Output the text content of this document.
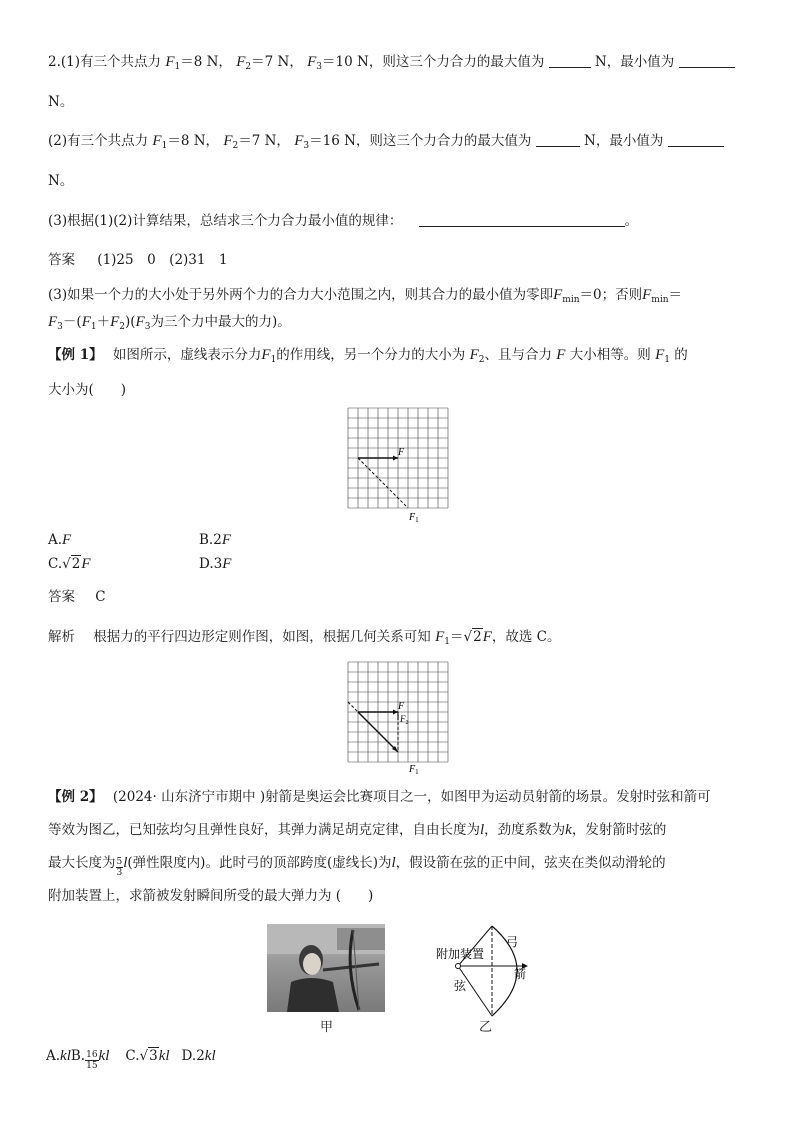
2.(1)有三个共点力 $F_1=8$ N， $F_2=7$ N， $F_3=10$ N，则这三个力合力的最大值为	N，最小值为
N。
(2)有三个共点力 $F_1=8$ N， $F_2=7$ N， $F_3=16$ N，则这三个力合力的最大值为	N，最小值为
N。
(3)根据(1)(2)计算结果，总结求三个力合力最小值的规律：	。
答案 (1)25　0　(2)31　1
(3)如果一个力的大小处于另外两个力的合力大小范围之内，则其合力的最小值为零即$F_{min}=0$；否则$F_{min}=$
$F_3-(F_1+F_2)(F_3$为三个力中最大的力)。
【例 1】 如图所示，虚线表示分力$F_1$的作用线，另一个分力的大小为 $F_2$、且与合力 F 大小相等。则 $F_1$ 的
大小为(　　)
F
$F_1$
A.F	B.2F
C.√2F	D.3F
答案 C
解析 根据力的平行四边形定则作图，如图，根据几何关系可知 $F_1=√2F$，故选 C。
F
$F_2$
$F_1$
【例 2】 (2024· 山东济宁市期中 )射箭是奥运会比赛项目之一，如图甲为运动员射箭的场景。发射时弦和箭可
等效为图乙，已知弦均匀且弹性良好，其弹力满足胡克定律，自由长度为l，劲度系数为k，发射箭时弦的
最大长度为 $\frac{5}{3} l$(弹性限度内)。此时弓的顶部跨度(虚线长)为l，假设箭在弦的正中间，弦夹在类似动滑轮的
附加装置上，求箭被发射瞬间所受的最大弹力为 (　　)
甲
附加装置
弓
箭
弦
乙
A.klB. $\frac{16}{15}$ kl C.√3kl D.2kl
